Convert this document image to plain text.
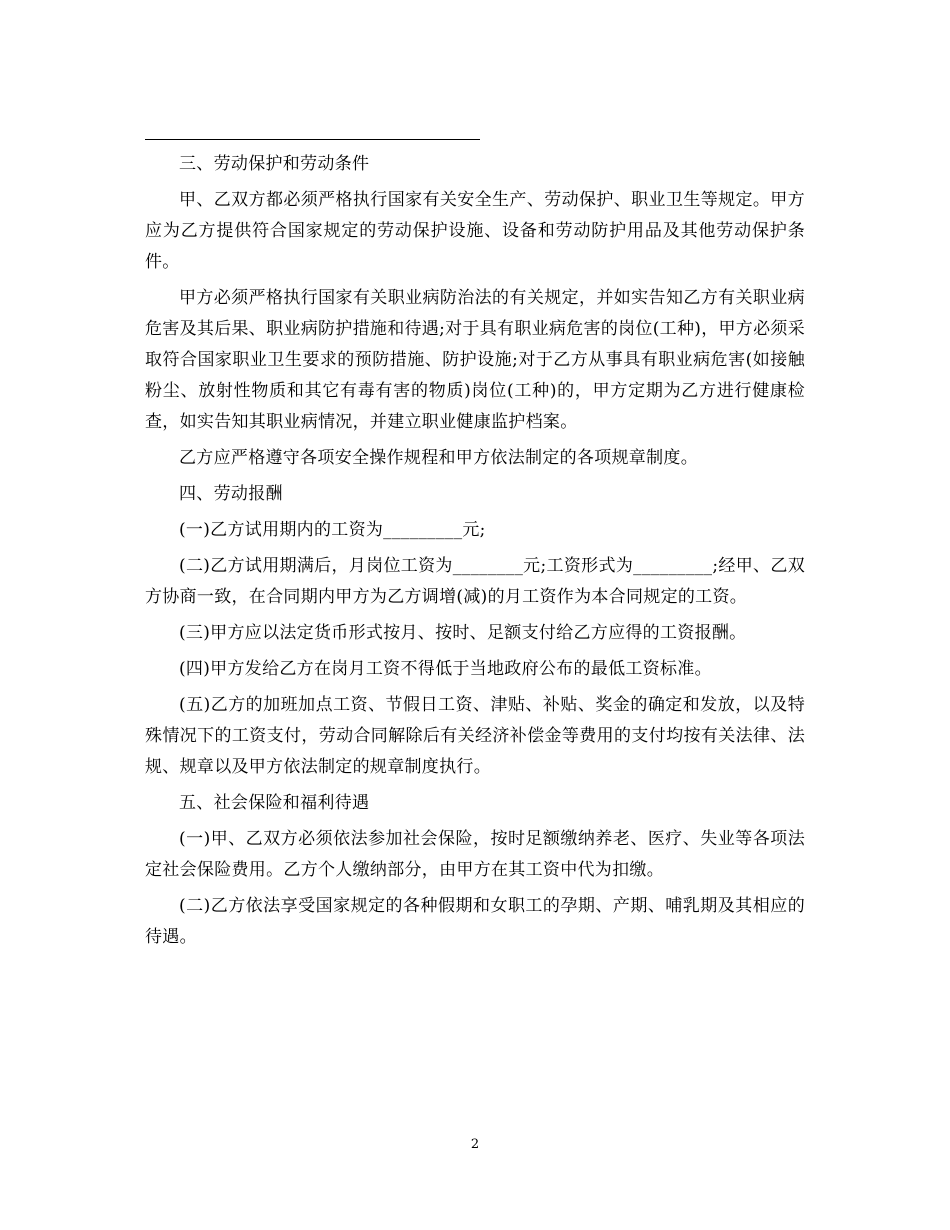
三、劳动保护和劳动条件

甲、乙双方都必须严格执行国家有关安全生产、劳动保护、职业卫生等规定。甲方应为乙方提供符合国家规定的劳动保护设施、设备和劳动防护用品及其他劳动保护条件。

甲方必须严格执行国家有关职业病防治法的有关规定，并如实告知乙方有关职业病危害及其后果、职业病防护措施和待遇;对于具有职业病危害的岗位(工种)，甲方必须采取符合国家职业卫生要求的预防措施、防护设施;对于乙方从事具有职业病危害(如接触粉尘、放射性物质和其它有毒有害的物质)岗位(工种)的，甲方定期为乙方进行健康检查，如实告知其职业病情况，并建立职业健康监护档案。

乙方应严格遵守各项安全操作规程和甲方依法制定的各项规章制度。

四、劳动报酬

(一)乙方试用期内的工资为_________元;

(二)乙方试用期满后，月岗位工资为________元;工资形式为_________;经甲、乙双方协商一致，在合同期内甲方为乙方调增(减)的月工资作为本合同规定的工资。

(三)甲方应以法定货币形式按月、按时、足额支付给乙方应得的工资报酬。

(四)甲方发给乙方在岗月工资不得低于当地政府公布的最低工资标准。

(五)乙方的加班加点工资、节假日工资、津贴、补贴、奖金的确定和发放，以及特殊情况下的工资支付，劳动合同解除后有关经济补偿金等费用的支付均按有关法律、法规、规章以及甲方依法制定的规章制度执行。

五、社会保险和福利待遇

(一)甲、乙双方必须依法参加社会保险，按时足额缴纳养老、医疗、失业等各项法定社会保险费用。乙方个人缴纳部分，由甲方在其工资中代为扣缴。

(二)乙方依法享受国家规定的各种假期和女职工的孕期、产期、哺乳期及其相应的待遇。

2
